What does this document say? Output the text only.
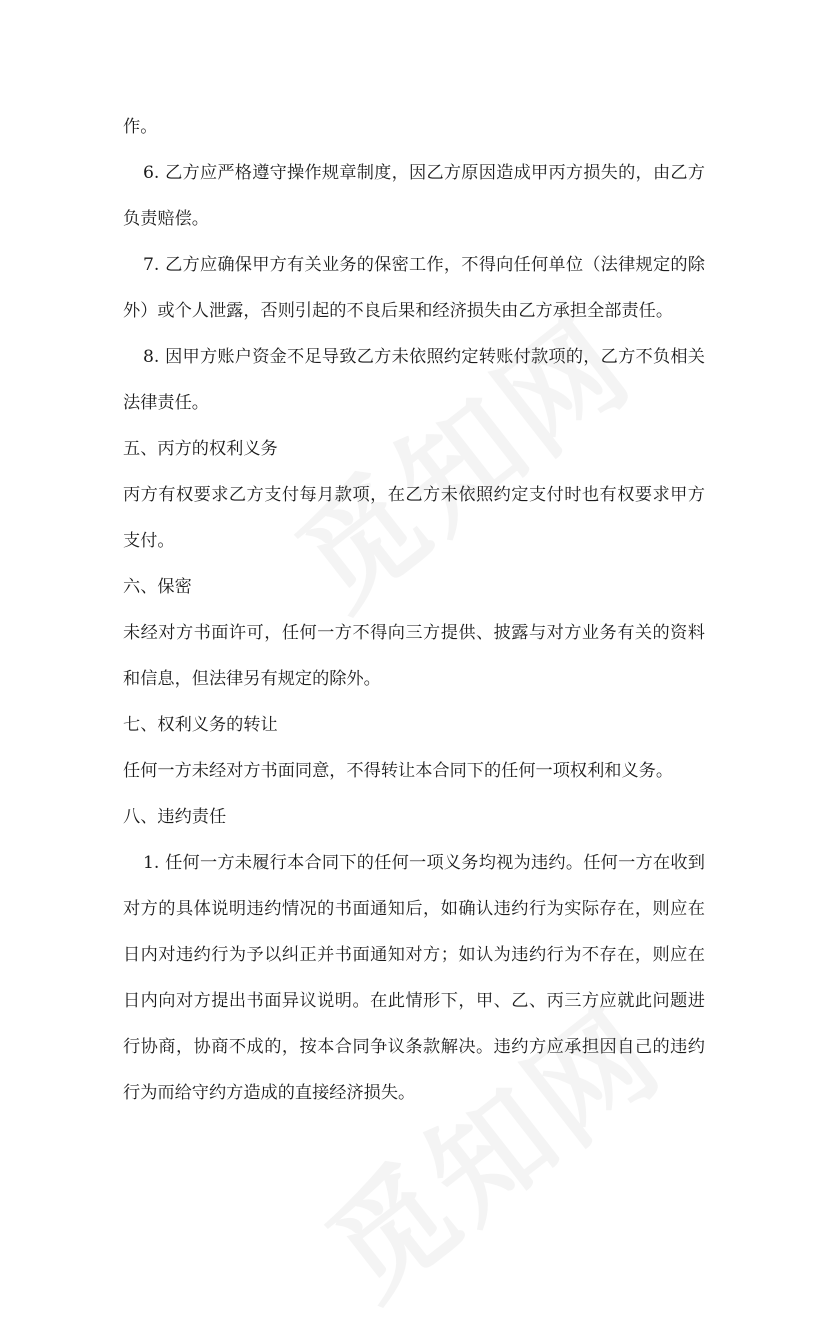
作。

6. 乙方应严格遵守操作规章制度，因乙方原因造成甲丙方损失的，由乙方负责赔偿。

7. 乙方应确保甲方有关业务的保密工作，不得向任何单位（法律规定的除外）或个人泄露，否则引起的不良后果和经济损失由乙方承担全部责任。

8. 因甲方账户资金不足导致乙方未依照约定转账付款项的，乙方不负相关法律责任。

五、丙方的权利义务

丙方有权要求乙方支付每月款项，在乙方未依照约定支付时也有权要求甲方支付。

六、保密

未经对方书面许可，任何一方不得向三方提供、披露与对方业务有关的资料和信息，但法律另有规定的除外。

七、权利义务的转让

任何一方未经对方书面同意，不得转让本合同下的任何一项权利和义务。

八、违约责任

1. 任何一方未履行本合同下的任何一项义务均视为违约。任何一方在收到对方的具体说明违约情况的书面通知后，如确认违约行为实际存在，则应在日内对违约行为予以纠正并书面通知对方；如认为违约行为不存在，则应在日内向对方提出书面异议说明。在此情形下，甲、乙、丙三方应就此问题进行协商，协商不成的，按本合同争议条款解决。违约方应承担因自己的违约行为而给守约方造成的直接经济损失。
